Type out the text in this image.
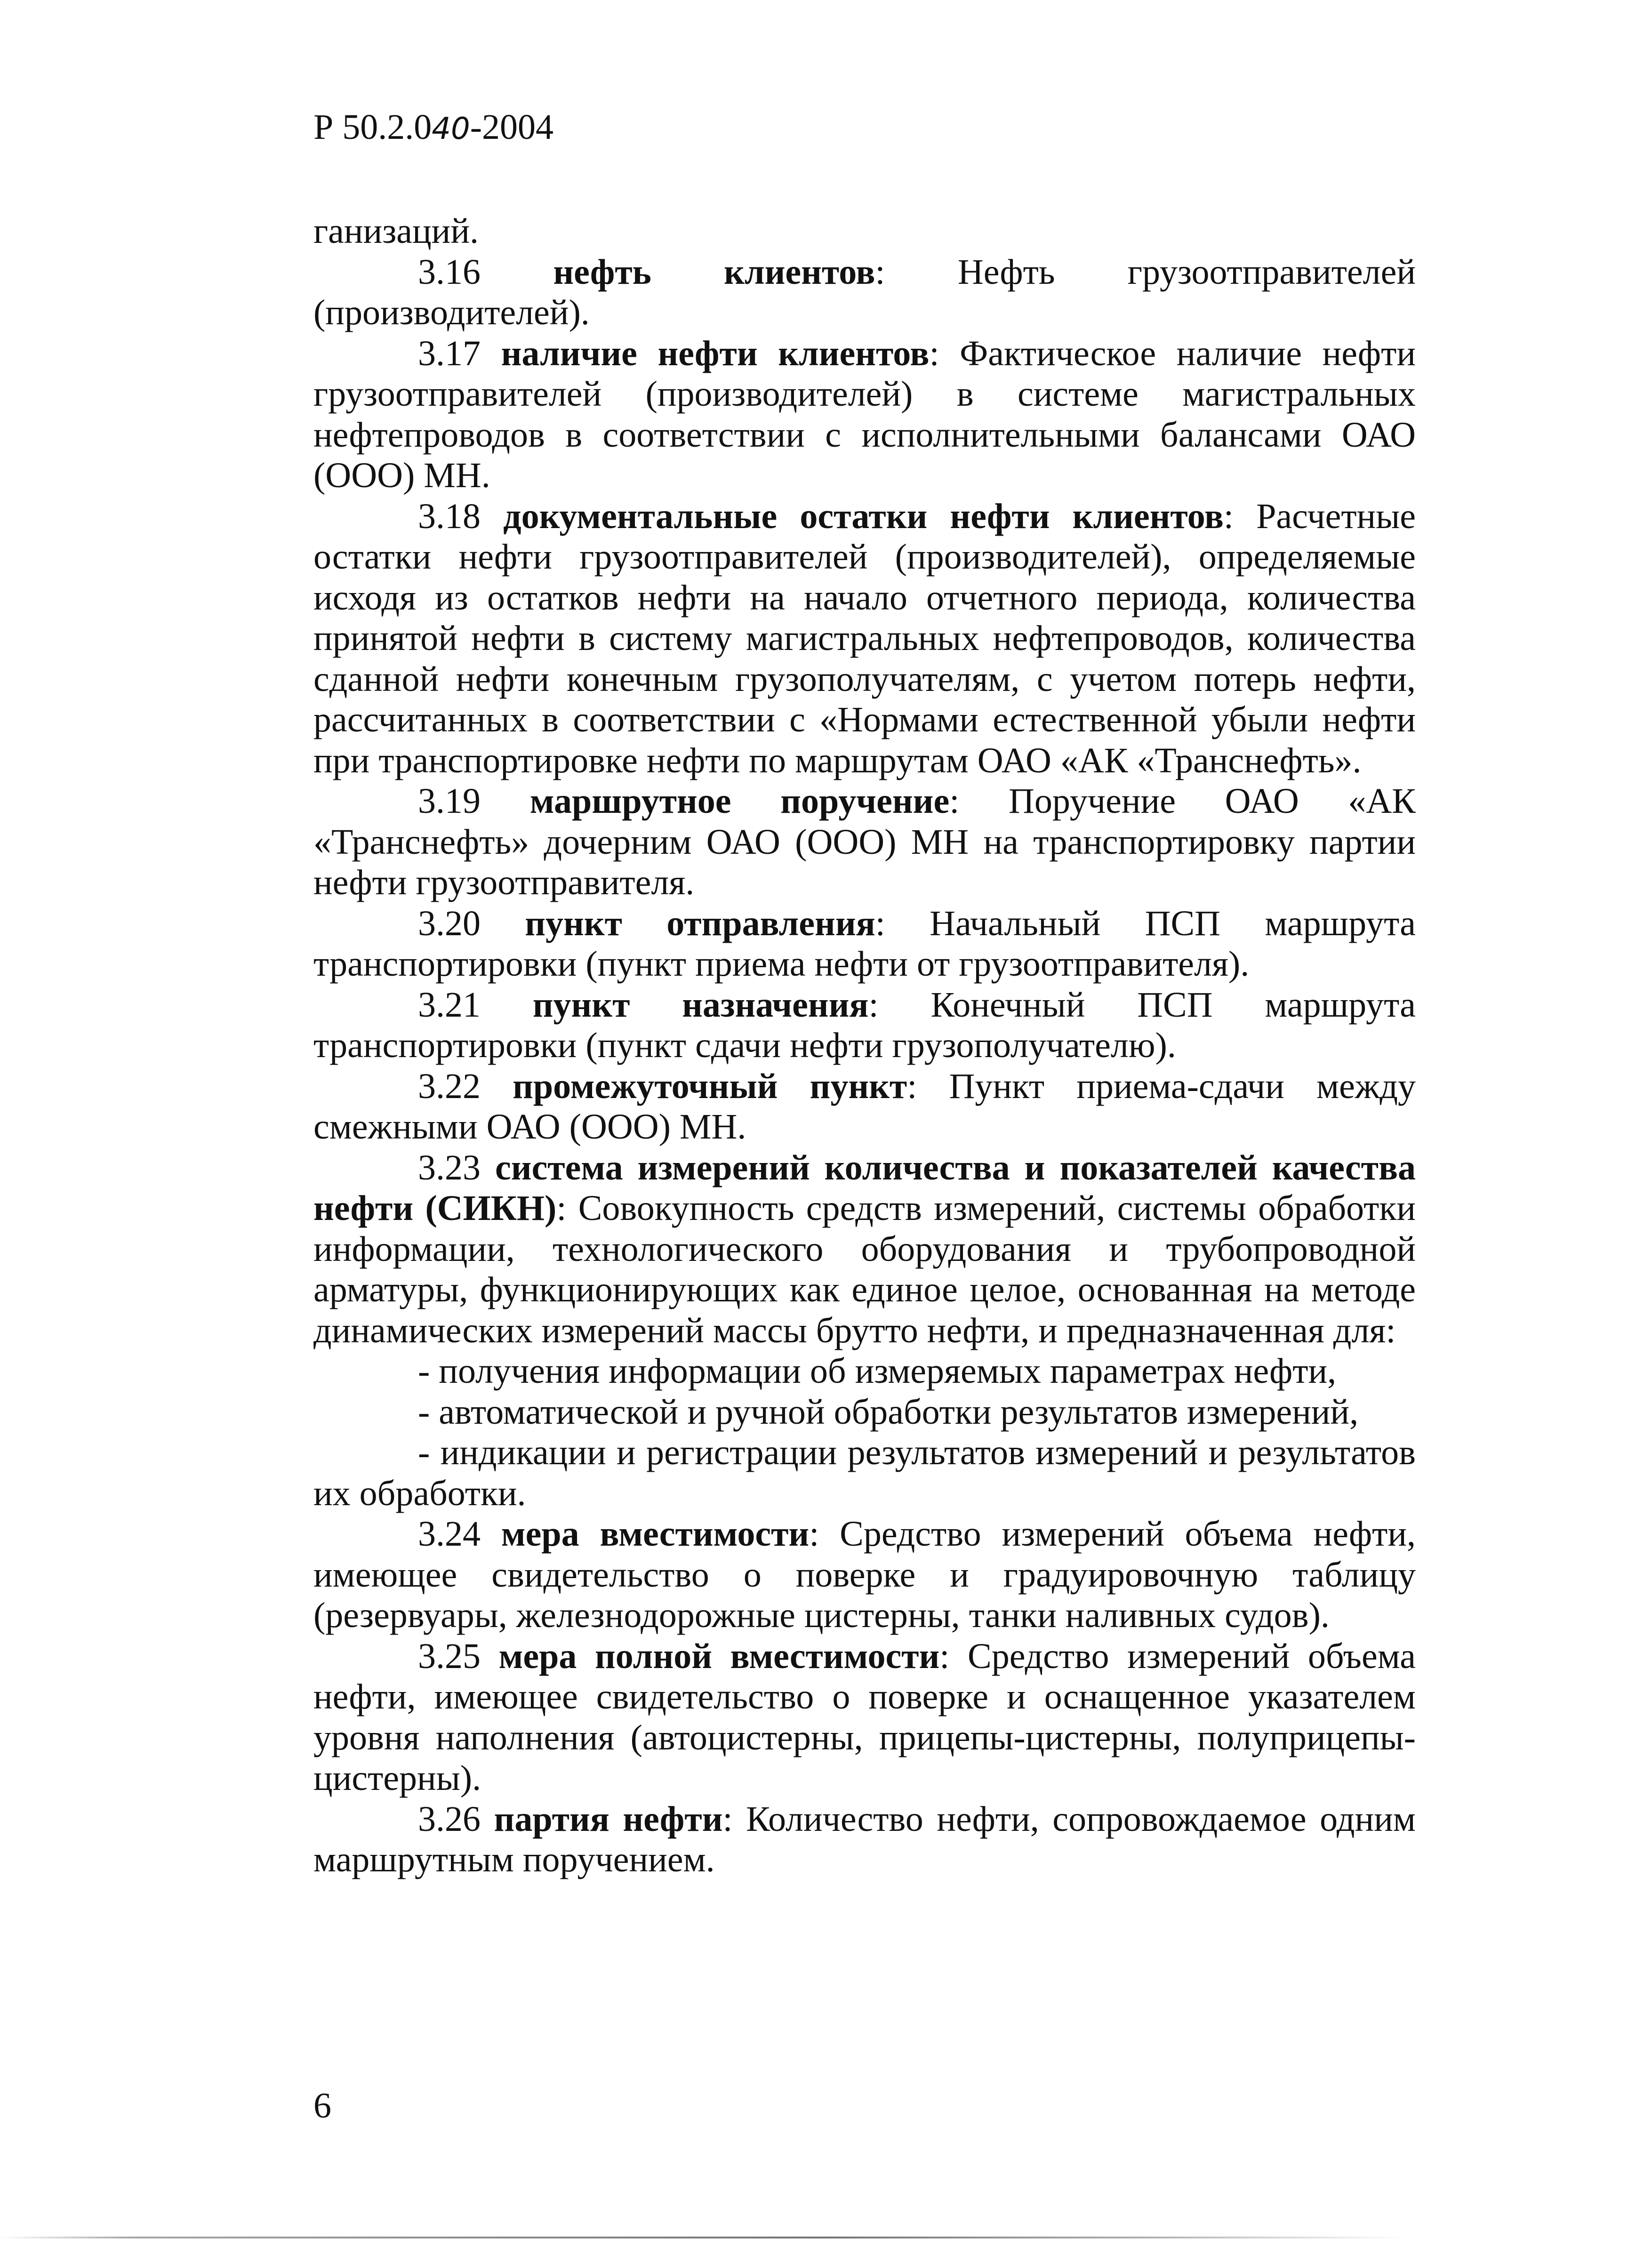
Р 50.2.040-2004

ганизаций.

3.16 нефть клиентов: Нефть грузоотправителей (производителей).

3.17 наличие нефти клиентов: Фактическое наличие нефти грузоотправителей (производителей) в системе магистральных нефтепроводов в соответствии с исполнительными балансами ОАО (ООО) МН.

3.18 документальные остатки нефти клиентов: Расчетные остатки нефти грузоотправителей (производителей), определяемые исходя из остатков нефти на начало отчетного периода, количества принятой нефти в систему магистральных нефтепроводов, количества сданной нефти конечным грузополучателям, с учетом потерь нефти, рассчитанных в соответствии с «Нормами естественной убыли нефти при транспортировке нефти по маршрутам ОАО «АК «Транснефть».

3.19 маршрутное поручение: Поручение ОАО «АК «Транснефть» дочерним ОАО (ООО) МН на транспортировку партии нефти грузоотправителя.

3.20 пункт отправления: Начальный ПСП маршрута транспортировки (пункт приема нефти от грузоотправителя).

3.21 пункт назначения: Конечный ПСП маршрута транспортировки (пункт сдачи нефти грузополучателю).

3.22 промежуточный пункт: Пункт приема-сдачи между смежными ОАО (ООО) МН.

3.23 система измерений количества и показателей качества нефти (СИКН): Совокупность средств измерений, системы обработки информации, технологического оборудования и трубопроводной арматуры, функционирующих как единое целое, основанная на методе динамических измерений массы брутто нефти, и предназначенная для:

- получения информации об измеряемых параметрах нефти,

- автоматической и ручной обработки результатов измерений,

- индикации и регистрации результатов измерений и результатов их обработки.

3.24 мера вместимости: Средство измерений объема нефти, имеющее свидетельство о поверке и градуировочную таблицу (резервуары, железнодорожные цистерны, танки наливных судов).

3.25 мера полной вместимости: Средство измерений объема нефти, имеющее свидетельство о поверке и оснащенное указателем уровня наполнения (автоцистерны, прицепы-цистерны, полуприцепы-цистерны).

3.26 партия нефти: Количество нефти, сопровождаемое одним маршрутным поручением.

6
